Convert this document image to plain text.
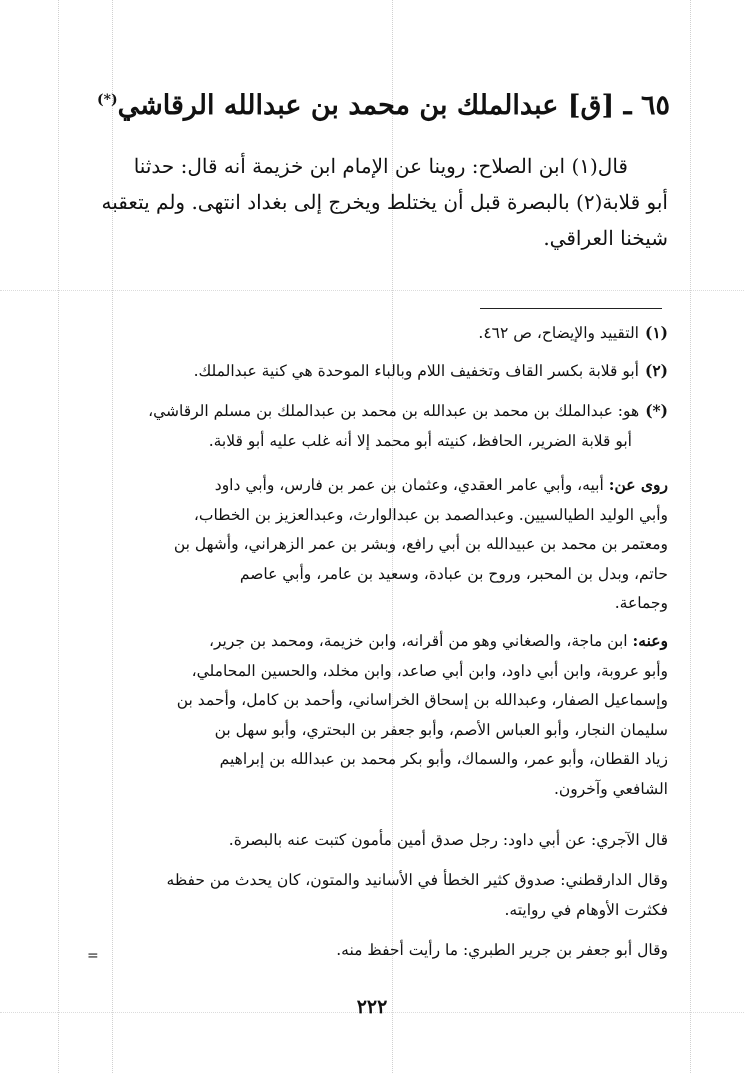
٦٥ ـ [ق] عبدالملك بن محمد بن عبدالله الرقاشي(*)
قال(١) ابن الصلاح: روينا عن الإمام ابن خزيمة أنه قال: حدثنا
أبو قلابة(٢) بالبصرة قبل أن يختلط ويخرج إلى بغداد انتهى. ولم يتعقبه
شيخنا العراقي.
(١)التقييد والإيضاح، ص ٤٦٢.
(٢)أبو قلابة بكسر القاف وتخفيف اللام وبالباء الموحدة هي كنية عبدالملك.
(*)هو: عبدالملك بن محمد بن عبدالله بن محمد بن عبدالملك بن مسلم الرقاشي،
أبو قلابة الضرير، الحافظ، كنيته أبو محمد إلا أنه غلب عليه أبو قلابة.
روى عن: أبيه، وأبي عامر العقدي، وعثمان بن عمر بن فارس، وأبي داود
وأبي الوليد الطيالسيين. وعبدالصمد بن عبدالوارث، وعبدالعزيز بن الخطاب،
ومعتمر بن محمد بن عبيدالله بن أبي رافع، وبشر بن عمر الزهراني، وأشهل بن
حاتم، وبدل بن المحبر، وروح بن عبادة، وسعيد بن عامر، وأبي عاصم
وجماعة.
وعنه: ابن ماجة، والصغاني وهو من أقرانه، وابن خزيمة، ومحمد بن جرير،
وأبو عروبة، وابن أبي داود، وابن أبي صاعد، وابن مخلد، والحسين المحاملي،
وإسماعيل الصفار، وعبدالله بن إسحاق الخراساني، وأحمد بن كامل، وأحمد بن
سليمان النجار، وأبو العباس الأصم، وأبو جعفر بن البحتري، وأبو سهل بن
زياد القطان، وأبو عمر، والسماك، وأبو بكر محمد بن عبدالله بن إبراهيم
الشافعي وآخرون.
قال الآجري: عن أبي داود: رجل صدق أمين مأمون كتبت عنه بالبصرة.
وقال الدارقطني: صدوق كثير الخطأ في الأسانيد والمتون، كان يحدث من حفظه
فكثرت الأوهام في روايته.
وقال أبو جعفر بن جرير الطبري: ما رأيت أحفظ منه.
=
٢٢٢
